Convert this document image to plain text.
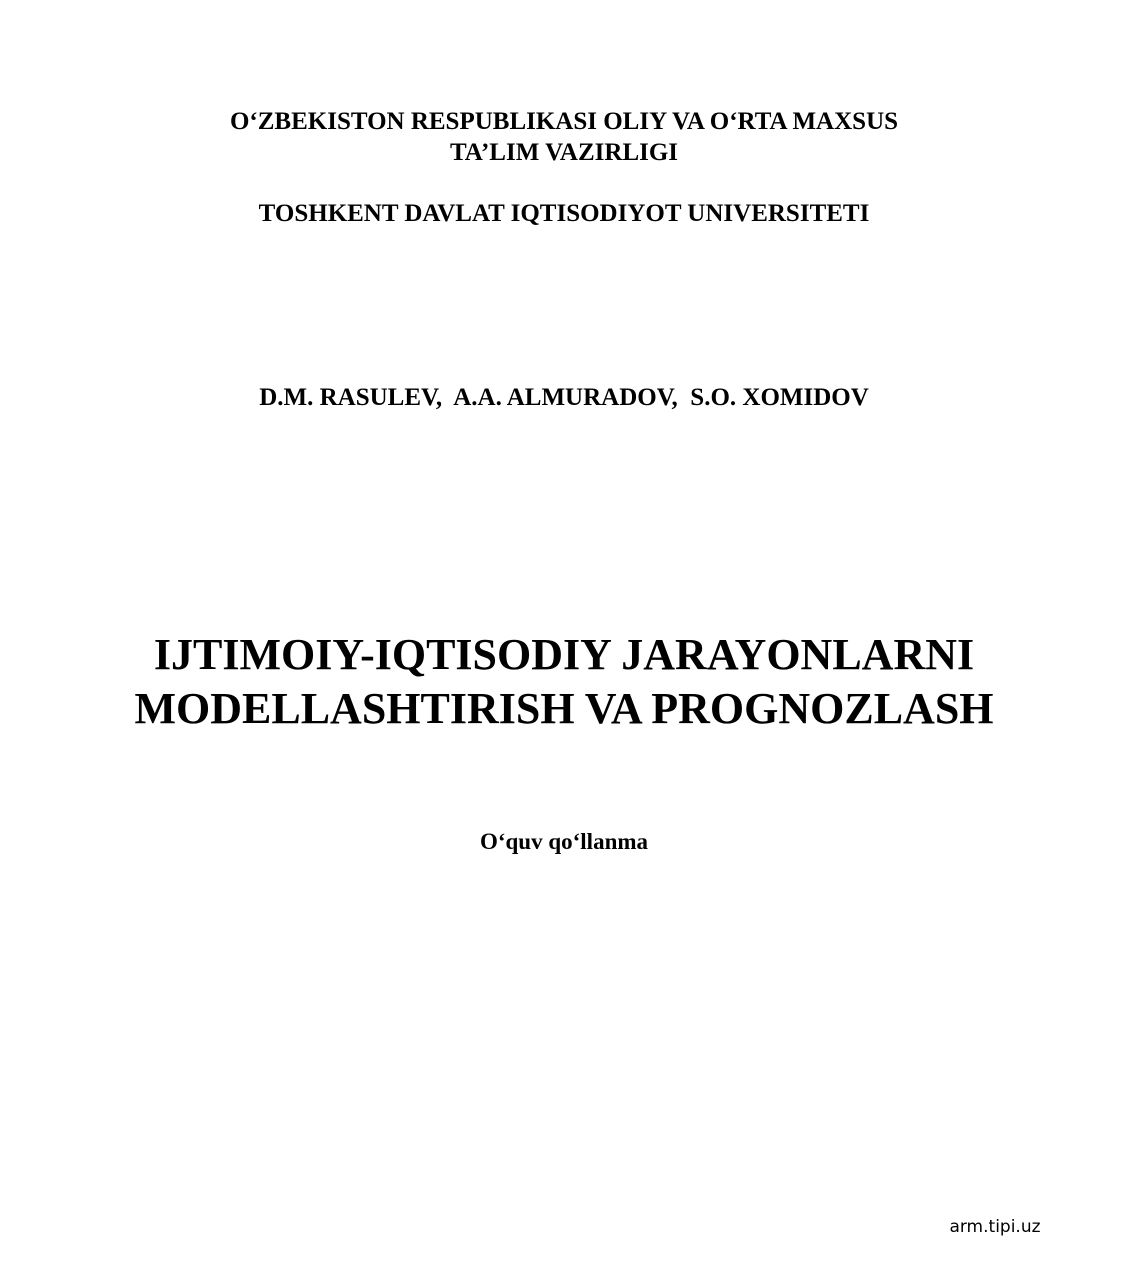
O‘ZBEKISTON RESPUBLIKASI OLIY VA O‘RTA MAXSUS
TA’LIM VAZIRLIGI
TOSHKENT DAVLAT IQTISODIYOT UNIVERSITETI
D.M. RASULEV,  A.A. ALMURADOV,  S.O. XOMIDOV
IJTIMOIY-IQTISODIY JARAYONLARNI
MODELLASHTIRISH VA PROGNOZLASH
O‘quv qo‘llanma
arm.tipi.uz
